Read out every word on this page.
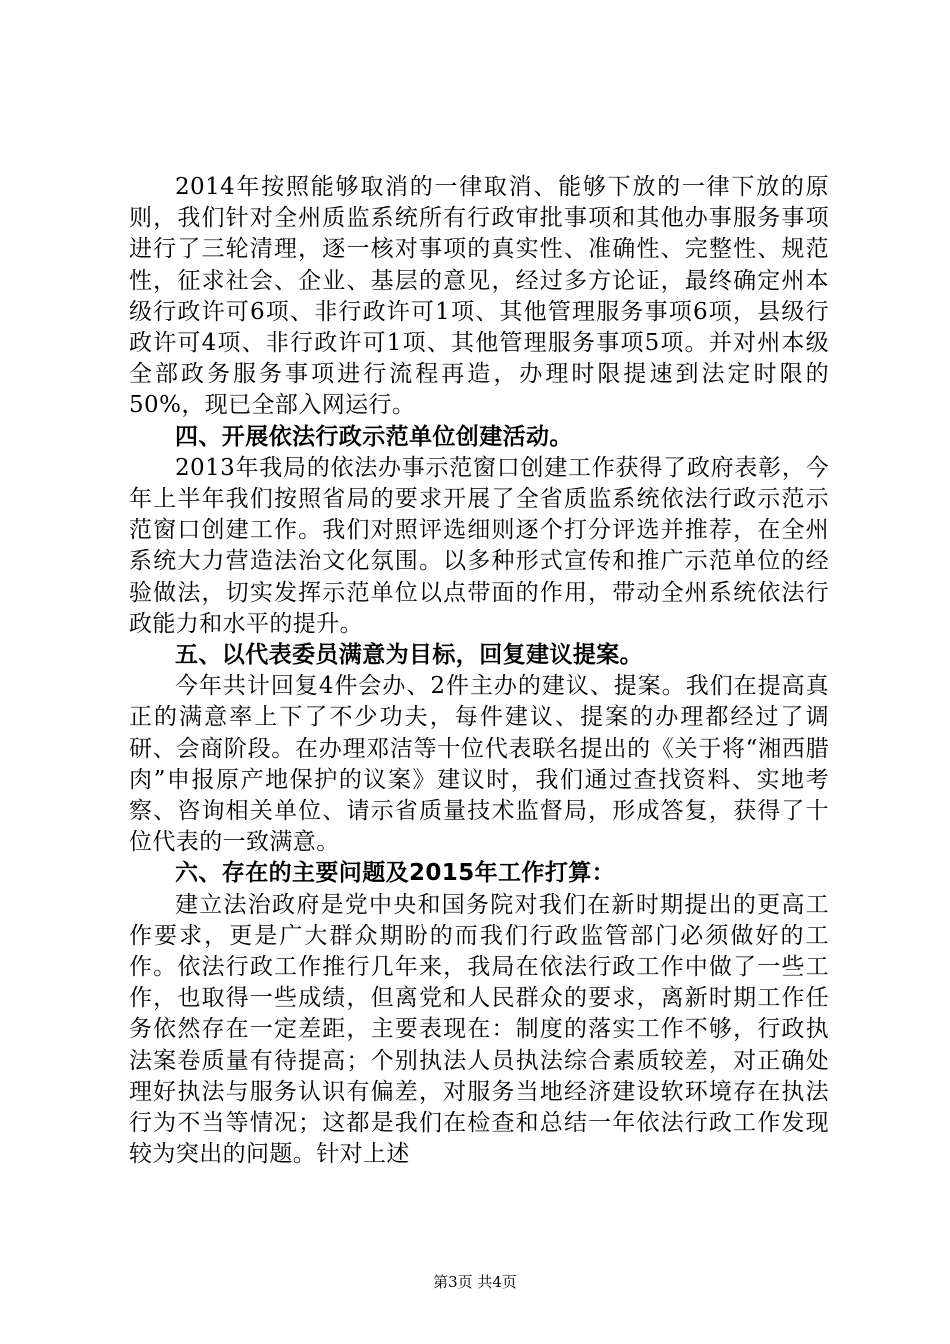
2014年按照能够取消的一律取消、能够下放的一律下放的原则，我们针对全州质监系统所有行政审批事项和其他办事服务事项进行了三轮清理，逐一核对事项的真实性、准确性、完整性、规范性，征求社会、企业、基层的意见，经过多方论证，最终确定州本级行政许可6项、非行政许可1项、其他管理服务事项6项，县级行政许可4项、非行政许可1项、其他管理服务事项5项。并对州本级全部政务服务事项进行流程再造，办理时限提速到法定时限的50%，现已全部入网运行。

四、开展依法行政示范单位创建活动。

2013年我局的依法办事示范窗口创建工作获得了政府表彰，今年上半年我们按照省局的要求开展了全省质监系统依法行政示范示范窗口创建工作。我们对照评选细则逐个打分评选并推荐，在全州系统大力营造法治文化氛围。以多种形式宣传和推广示范单位的经验做法，切实发挥示范单位以点带面的作用，带动全州系统依法行政能力和水平的提升。

五、以代表委员满意为目标，回复建议提案。

今年共计回复4件会办、2件主办的建议、提案。我们在提高真正的满意率上下了不少功夫，每件建议、提案的办理都经过了调研、会商阶段。在办理邓洁等十位代表联名提出的《关于将“湘西腊肉”申报原产地保护的议案》建议时，我们通过查找资料、实地考察、咨询相关单位、请示省质量技术监督局，形成答复，获得了十位代表的一致满意。

六、存在的主要问题及2015年工作打算：

建立法治政府是党中央和国务院对我们在新时期提出的更高工作要求，更是广大群众期盼的而我们行政监管部门必须做好的工作。依法行政工作推行几年来，我局在依法行政工作中做了一些工作，也取得一些成绩，但离党和人民群众的要求，离新时期工作任务依然存在一定差距，主要表现在：制度的落实工作不够，行政执法案卷质量有待提高；个别执法人员执法综合素质较差，对正确处理好执法与服务认识有偏差，对服务当地经济建设软环境存在执法行为不当等情况；这都是我们在检查和总结一年依法行政工作发现较为突出的问题。针对上述

第3页 共4页
